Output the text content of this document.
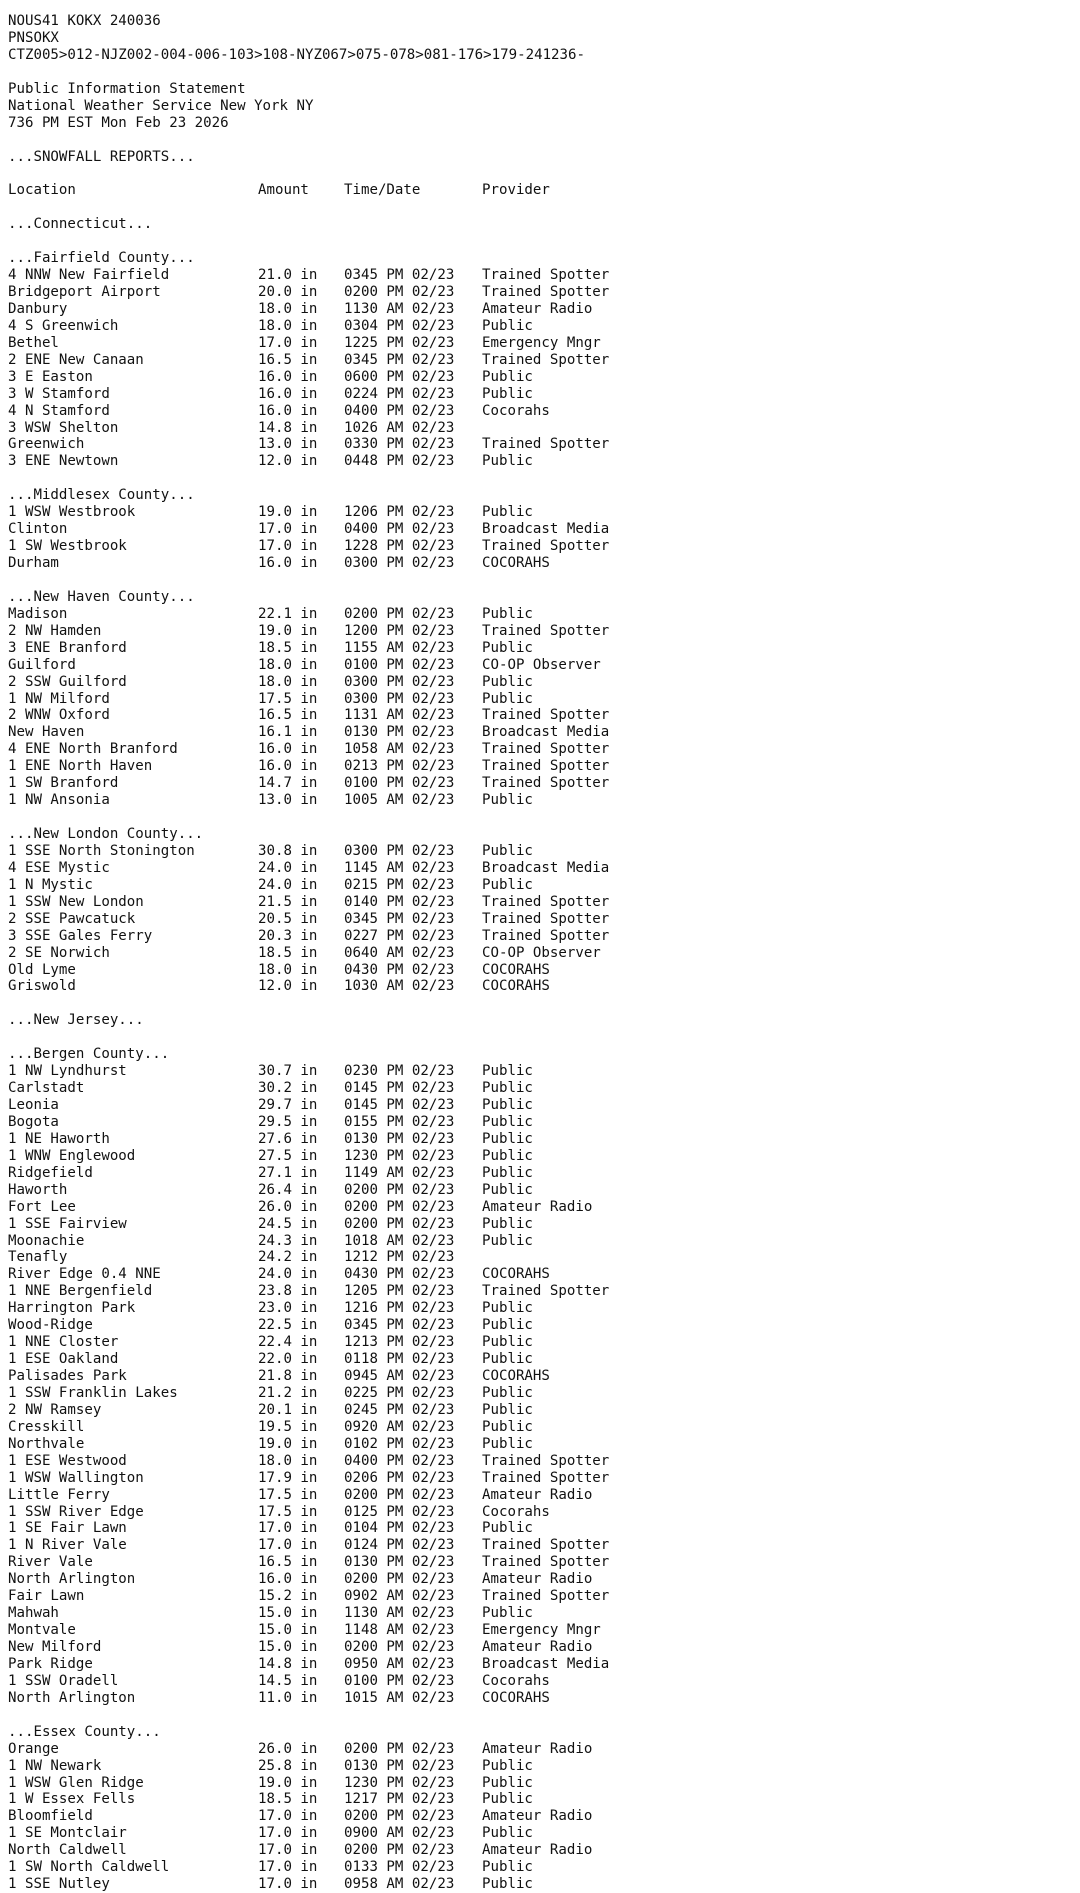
NOUS41 KOKX 240036
PNSOKX
CTZ005>012-NJZ002-004-006-103>108-NYZ067>075-078>081-176>179-241236-
Public Information Statement
National Weather Service New York NY
736 PM EST Mon Feb 23 2026
...SNOWFALL REPORTS...
Location	Amount Time/Date	Provider
...Connecticut...
...Fairfield County...
4 NNW New Fairfield	21.0 in 0345 PM 02/23 Trained Spotter
Bridgeport Airport	20.0 in 0200 PM 02/23 Trained Spotter
Danbury	18.0 in 1130 AM 02/23 Amateur Radio
4 S Greenwich	18.0 in 0304 PM 02/23 Public
Bethel	17.0 in 1225 PM 02/23 Emergency Mngr
2 ENE New Canaan	16.5 in 0345 PM 02/23 Trained Spotter
3 E Easton	16.0 in 0600 PM 02/23 Public
3 W Stamford	16.0 in 0224 PM 02/23 Public
4 N Stamford	16.0 in 0400 PM 02/23 Cocorahs
3 WSW Shelton	14.8 in 1026 AM 02/23
Greenwich	13.0 in 0330 PM 02/23 Trained Spotter
3 ENE Newtown	12.0 in 0448 PM 02/23 Public
...Middlesex County...
1 WSW Westbrook	19.0 in 1206 PM 02/23 Public
Clinton	17.0 in 0400 PM 02/23 Broadcast Media
1 SW Westbrook	17.0 in 1228 PM 02/23 Trained Spotter
Durham	16.0 in 0300 PM 02/23 COCORAHS
...New Haven County...
Madison	22.1 in 0200 PM 02/23 Public
2 NW Hamden	19.0 in 1200 PM 02/23 Trained Spotter
3 ENE Branford	18.5 in 1155 AM 02/23 Public
Guilford	18.0 in 0100 PM 02/23 CO-OP Observer
2 SSW Guilford	18.0 in 0300 PM 02/23 Public
1 NW Milford	17.5 in 0300 PM 02/23 Public
2 WNW Oxford	16.5 in 1131 AM 02/23 Trained Spotter
New Haven	16.1 in 0130 PM 02/23 Broadcast Media
4 ENE North Branford	16.0 in 1058 AM 02/23 Trained Spotter
1 ENE North Haven	16.0 in 0213 PM 02/23 Trained Spotter
1 SW Branford	14.7 in 0100 PM 02/23 Trained Spotter
1 NW Ansonia	13.0 in 1005 AM 02/23 Public
...New London County...
1 SSE North Stonington	30.8 in 0300 PM 02/23 Public
4 ESE Mystic	24.0 in 1145 AM 02/23 Broadcast Media
1 N Mystic	24.0 in 0215 PM 02/23 Public
1 SSW New London	21.5 in 0140 PM 02/23 Trained Spotter
2 SSE Pawcatuck	20.5 in 0345 PM 02/23 Trained Spotter
3 SSE Gales Ferry	20.3 in 0227 PM 02/23 Trained Spotter
2 SE Norwich	18.5 in 0640 AM 02/23 CO-OP Observer
Old Lyme	18.0 in 0430 PM 02/23 COCORAHS
Griswold	12.0 in 1030 AM 02/23 COCORAHS
...New Jersey...
...Bergen County...
1 NW Lyndhurst	30.7 in 0230 PM 02/23 Public
Carlstadt	30.2 in 0145 PM 02/23 Public
Leonia	29.7 in 0145 PM 02/23 Public
Bogota	29.5 in 0155 PM 02/23 Public
1 NE Haworth	27.6 in 0130 PM 02/23 Public
1 WNW Englewood	27.5 in 1230 PM 02/23 Public
Ridgefield	27.1 in 1149 AM 02/23 Public
Haworth	26.4 in 0200 PM 02/23 Public
Fort Lee	26.0 in 0200 PM 02/23 Amateur Radio
1 SSE Fairview	24.5 in 0200 PM 02/23 Public
Moonachie	24.3 in 1018 AM 02/23 Public
Tenafly	24.2 in 1212 PM 02/23
River Edge 0.4 NNE	24.0 in 0430 PM 02/23 COCORAHS
1 NNE Bergenfield	23.8 in 1205 PM 02/23 Trained Spotter
Harrington Park	23.0 in 1216 PM 02/23 Public
Wood-Ridge	22.5 in 0345 PM 02/23 Public
1 NNE Closter	22.4 in 1213 PM 02/23 Public
1 ESE Oakland	22.0 in 0118 PM 02/23 Public
Palisades Park	21.8 in 0945 AM 02/23 COCORAHS
1 SSW Franklin Lakes	21.2 in 0225 PM 02/23 Public
2 NW Ramsey	20.1 in 0245 PM 02/23 Public
Cresskill	19.5 in 0920 AM 02/23 Public
Northvale	19.0 in 0102 PM 02/23 Public
1 ESE Westwood	18.0 in 0400 PM 02/23 Trained Spotter
1 WSW Wallington	17.9 in 0206 PM 02/23 Trained Spotter
Little Ferry	17.5 in 0200 PM 02/23 Amateur Radio
1 SSW River Edge	17.5 in 0125 PM 02/23 Cocorahs
1 SE Fair Lawn	17.0 in 0104 PM 02/23 Public
1 N River Vale	17.0 in 0124 PM 02/23 Trained Spotter
River Vale	16.5 in 0130 PM 02/23 Trained Spotter
North Arlington	16.0 in 0200 PM 02/23 Amateur Radio
Fair Lawn	15.2 in 0902 AM 02/23 Trained Spotter
Mahwah	15.0 in 1130 AM 02/23 Public
Montvale	15.0 in 1148 AM 02/23 Emergency Mngr
New Milford	15.0 in 0200 PM 02/23 Amateur Radio
Park Ridge	14.8 in 0950 AM 02/23 Broadcast Media
1 SSW Oradell	14.5 in 0100 PM 02/23 Cocorahs
North Arlington	11.0 in 1015 AM 02/23 COCORAHS
...Essex County...
Orange	26.0 in 0200 PM 02/23 Amateur Radio
1 NW Newark	25.8 in 0130 PM 02/23 Public
1 WSW Glen Ridge	19.0 in 1230 PM 02/23 Public
1 W Essex Fells	18.5 in 1217 PM 02/23 Public
Bloomfield	17.0 in 0200 PM 02/23 Amateur Radio
1 SE Montclair	17.0 in 0900 AM 02/23 Public
North Caldwell	17.0 in 0200 PM 02/23 Amateur Radio
1 SW North Caldwell	17.0 in 0133 PM 02/23 Public
1 SSE Nutley	17.0 in 0958 AM 02/23 Public
